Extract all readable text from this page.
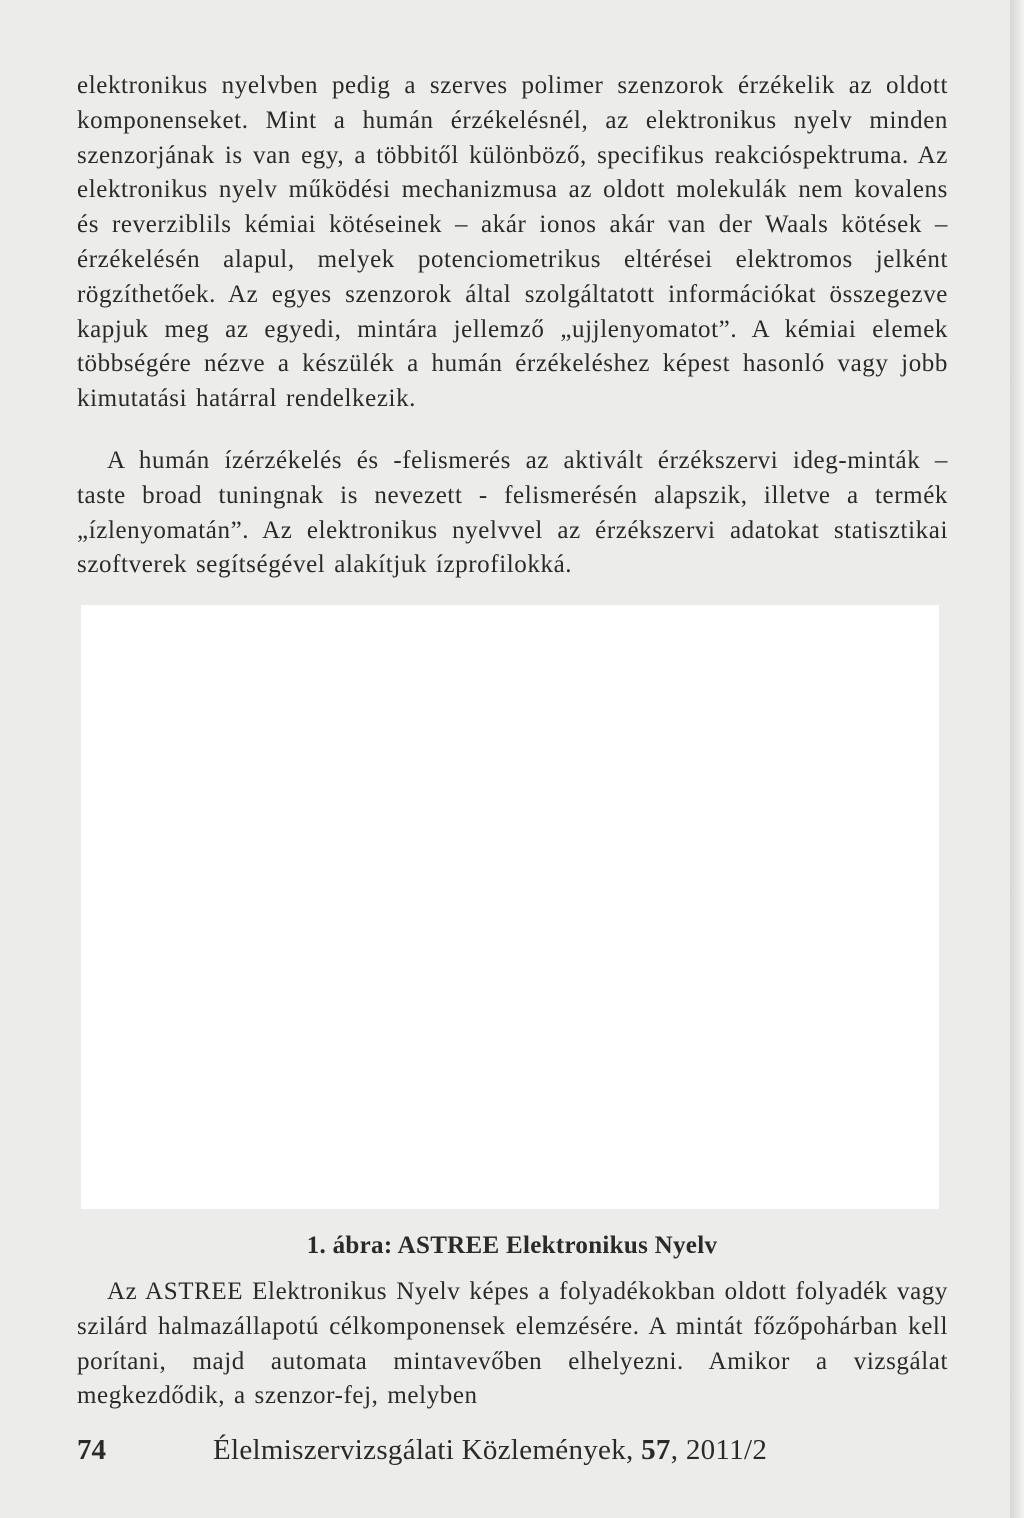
elektronikus nyelvben pedig a szerves polimer szenzorok érzékelik az oldott komponenseket. Mint a humán érzékelésnél, az elektronikus nyelv minden szenzorjának is van egy, a többitől különböző, specifikus reakcióspektruma. Az elektronikus nyelv működési mechanizmusa az oldott molekulák nem kovalens és reverziblils kémiai kötéseinek – akár ionos akár van der Waals kötések – érzékelésén alapul, melyek potenciometrikus eltérései elektromos jelként rögzíthetőek. Az egyes szenzorok által szolgáltatott információkat összegezve kapjuk meg az egyedi, mintára jellemző „ujjlenyomatot”. A kémiai elemek többségére nézve a készülék a humán érzékeléshez képest hasonló vagy jobb kimutatási határral rendelkezik.

A humán ízérzékelés és -felismerés az aktivált érzékszervi ideg-minták – taste broad tuningnak is nevezett - felismerésén alapszik, illetve a termék „ízlenyomatán”. Az elektronikus nyelvvel az érzékszervi adatokat statisztikai szoftverek segítségével alakítjuk ízprofilokká.

1. ábra: ASTREE Elektronikus Nyelv

Az ASTREE Elektronikus Nyelv képes a folyadékokban oldott folyadék vagy szilárd halmazállapotú célkomponensek elemzésére. A mintát főzőpohárban kell porítani, majd automata mintavevőben elhelyezni. Amikor a vizsgálat megkezdődik, a szenzor-fej, melyben

74	Élelmiszervizsgálati Közlemények, 57, 2011/2
